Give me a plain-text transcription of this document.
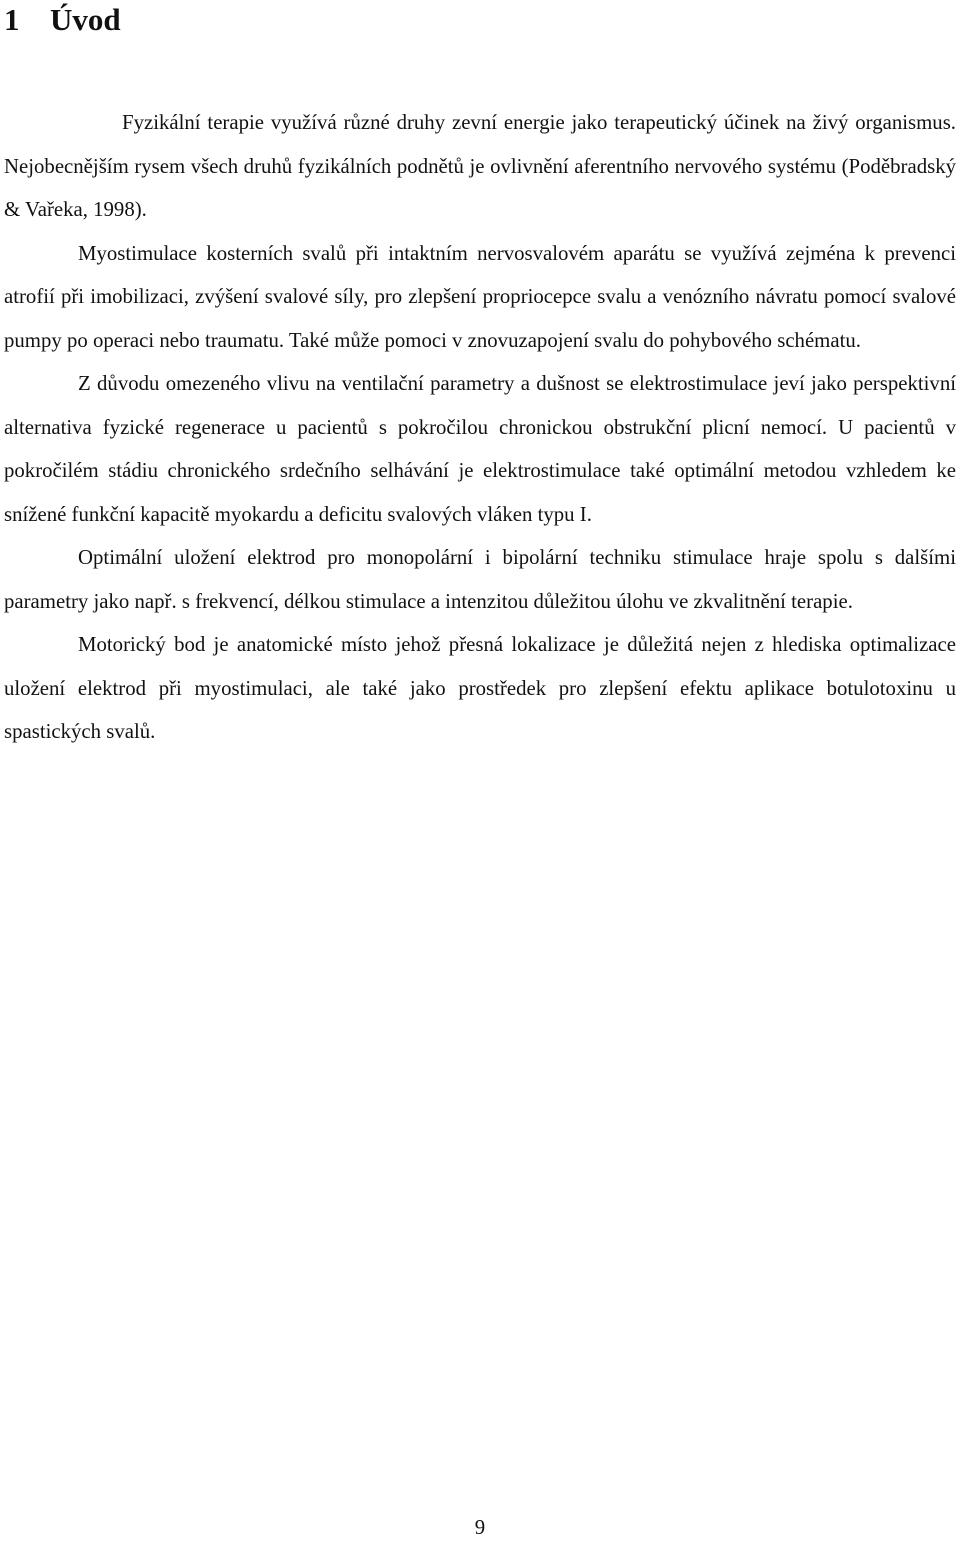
1 Úvod

Fyzikální terapie využívá různé druhy zevní energie jako terapeutický účinek na živý organismus. Nejobecnějším rysem všech druhů fyzikálních podnětů je ovlivnění aferentního nervového systému (Poděbradský & Vařeka, 1998).

Myostimulace kosterních svalů při intaktním nervosvalovém aparátu se využívá zejména k prevenci atrofií při imobilizaci, zvýšení svalové síly, pro zlepšení propriocepce svalu a venózního návratu pomocí svalové pumpy po operaci nebo traumatu. Také může pomoci v znovuzapojení svalu do pohybového schématu.

Z důvodu omezeného vlivu na ventilační parametry a dušnost se elektrostimulace jeví jako perspektivní alternativa fyzické regenerace u pacientů s pokročilou chronickou obstrukční plicní nemocí. U pacientů v pokročilém stádiu chronického srdečního selhávání je elektrostimulace také optimální metodou vzhledem ke snížené funkční kapacitě myokardu a deficitu svalových vláken typu I.

Optimální uložení elektrod pro monopolární i bipolární techniku stimulace hraje spolu s dalšími parametry jako např. s frekvencí, délkou stimulace a intenzitou důležitou úlohu ve zkvalitnění terapie.

Motorický bod je anatomické místo jehož přesná lokalizace je důležitá nejen z hlediska optimalizace uložení elektrod při myostimulaci, ale také jako prostředek pro zlepšení efektu aplikace botulotoxinu u spastických svalů.

9
